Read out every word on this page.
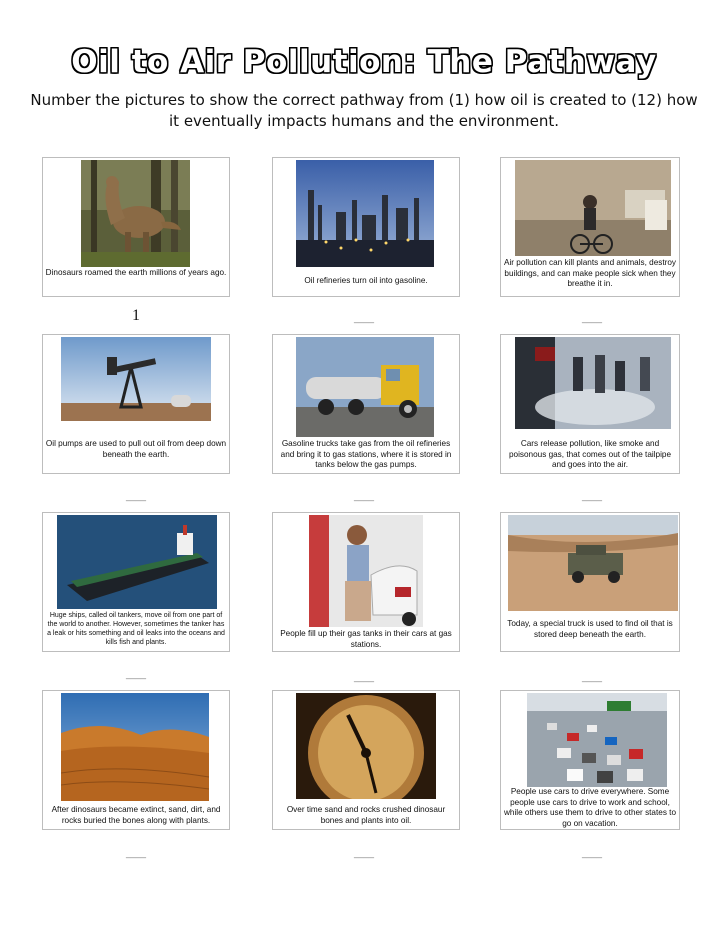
Oil to Air Pollution: The Pathway
Number the pictures to show the correct pathway from (1) how oil is created to (12) how it eventually impacts humans and the environment.
Dinosaurs roamed the earth millions of years ago.
Oil refineries turn oil into gasoline.
Air pollution can kill plants and animals, destroy buildings, and can make people sick when they breathe it in.
1	____	____
Oil pumps are used to pull out oil from deep down beneath the earth.
Gasoline trucks take gas from the oil refineries and bring it to gas stations, where it is stored in tanks below the gas pumps.
Cars release pollution, like smoke and poisonous gas, that comes out of the tailpipe and goes into the air.
____	____	____
Huge ships, called oil tankers, move oil from one part of the world to another. However, sometimes the tanker has a leak or hits something and oil leaks into the oceans and kills fish and plants.
People fill up their gas tanks in their cars at gas stations.
Today, a special truck is used to find oil that is stored deep beneath the earth.
____	____	____
After dinosaurs became extinct, sand, dirt, and rocks buried the bones along with plants.
Over time sand and rocks crushed dinosaur bones and plants into oil.
People use cars to drive everywhere. Some people use cars to drive to work and school, while others use them to drive to other states to go on vacation.
____	____	____
